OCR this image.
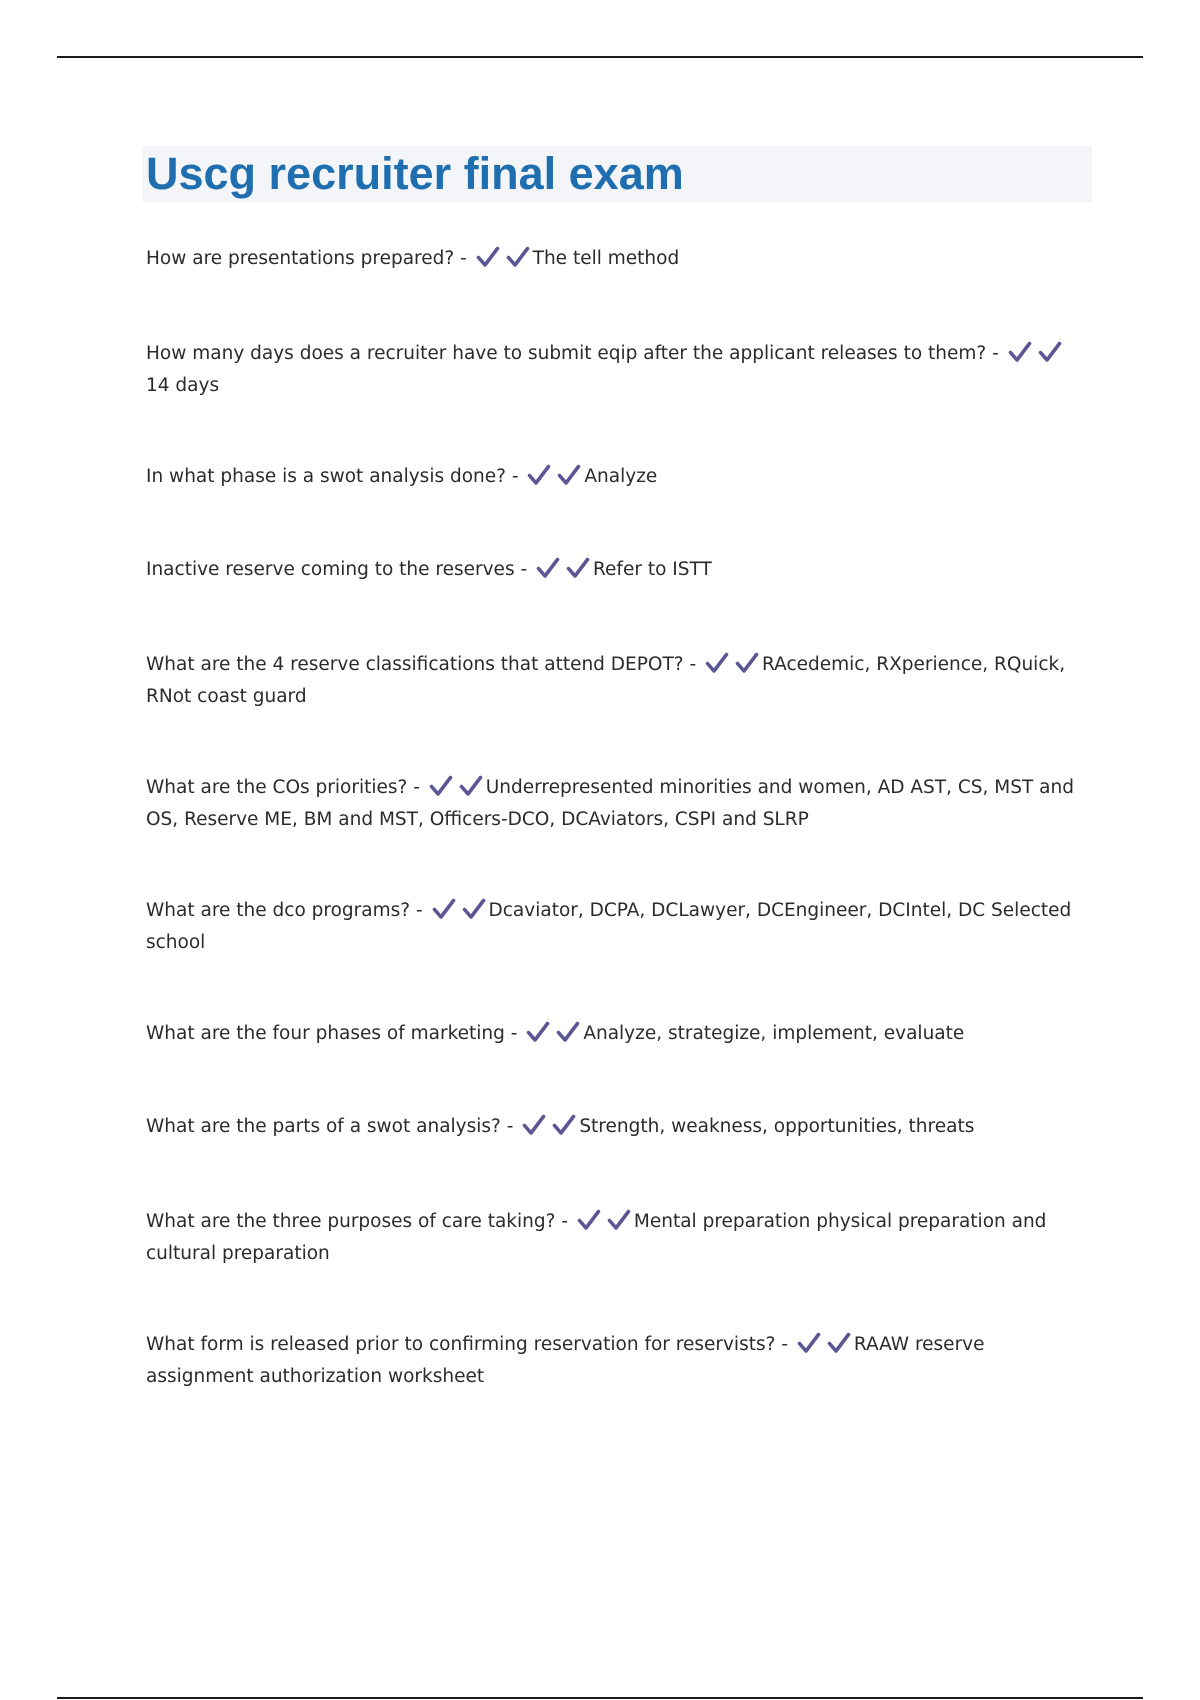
Uscg recruiter final exam

How are presentations prepared? -	The tell method

How many days does a recruiter have to submit eqip after the applicant releases to them? -
14 days

In what phase is a swot analysis done? -	Analyze

Inactive reserve coming to the reserves -	Refer to ISTT

What are the 4 reserve classifications that attend DEPOT? -	RAcedemic, RXperience, RQuick, RNot coast guard

What are the COs priorities? -	Underrepresented minorities and women, AD AST, CS, MST and OS, Reserve ME, BM and MST, Officers-DCO, DCAviators, CSPI and SLRP

What are the dco programs? -	Dcaviator, DCPA, DCLawyer, DCEngineer, DCIntel, DC Selected school

What are the four phases of marketing -	Analyze, strategize, implement, evaluate

What are the parts of a swot analysis? -	Strength, weakness, opportunities, threats

What are the three purposes of care taking? -	Mental preparation physical preparation and cultural preparation

What form is released prior to confirming reservation for reservists? -	RAAW reserve assignment authorization worksheet
